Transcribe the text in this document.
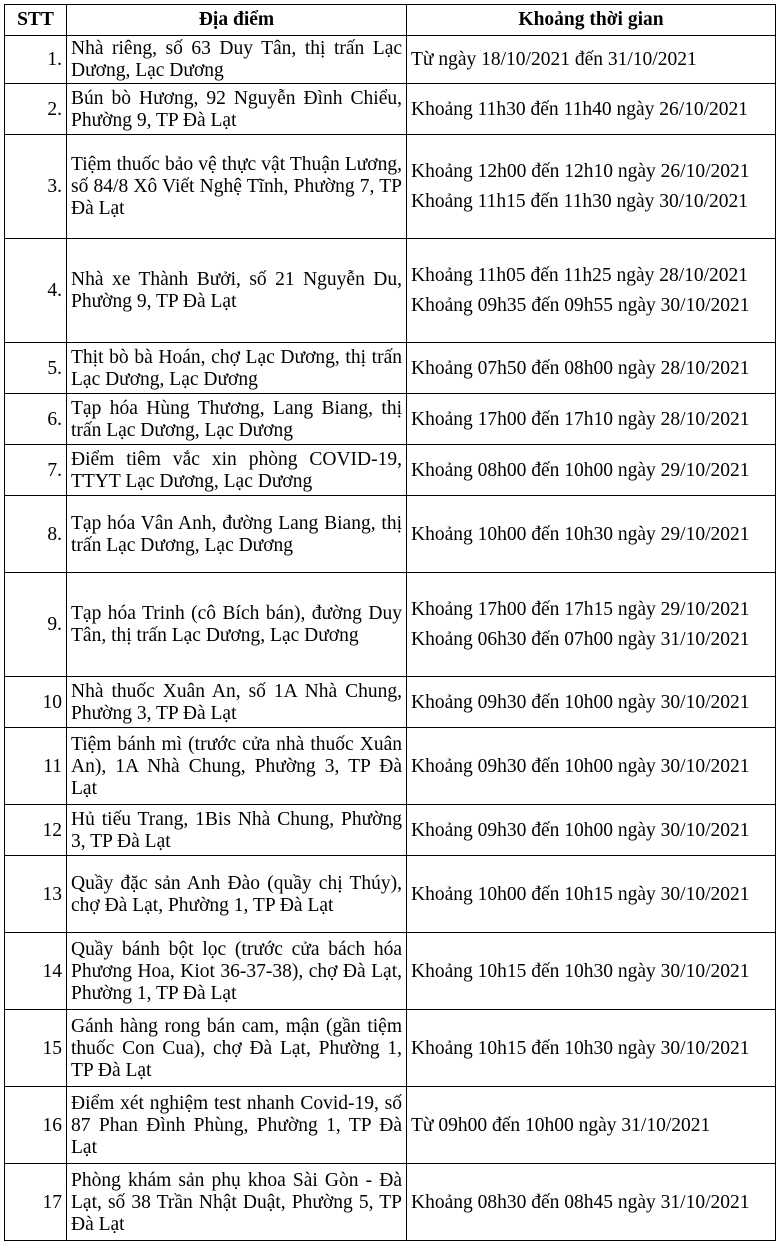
STT	Địa điểm	Khoảng thời gian
1.	Nhà riêng, số 63 Duy Tân, thị trấn Lạc Dương, Lạc Dương	Từ ngày 18/10/2021 đến 31/10/2021

2.	Bún bò Hương, 92 Nguyễn Đình Chiểu, Phường 9, TP Đà Lạt	Khoảng 11h30 đến 11h40 ngày 26/10/2021

3.	Tiệm thuốc bảo vệ thực vật Thuận Lương, số 84/8 Xô Viết Nghệ Tĩnh, Phường 7, TP Đà Lạt	Khoảng 12h00 đến 12h10 ngày 26/10/2021
Khoảng 11h15 đến 11h30 ngày 30/10/2021

4.	Nhà xe Thành Bưởi, số 21 Nguyễn Du, Phường 9, TP Đà Lạt	Khoảng 11h05 đến 11h25 ngày 28/10/2021
Khoảng 09h35 đến 09h55 ngày 30/10/2021

5.	Thịt bò bà Hoán, chợ Lạc Dương, thị trấn Lạc Dương, Lạc Dương	Khoảng 07h50 đến 08h00 ngày 28/10/2021

6.	Tạp hóa Hùng Thương, Lang Biang, thị trấn Lạc Dương, Lạc Dương	Khoảng 17h00 đến 17h10 ngày 28/10/2021

7.	Điểm tiêm vắc xin phòng COVID-19, TTYT Lạc Dương, Lạc Dương	Khoảng 08h00 đến 10h00 ngày 29/10/2021

8.	Tạp hóa Vân Anh, đường Lang Biang, thị trấn Lạc Dương, Lạc Dương	Khoảng 10h00 đến 10h30 ngày 29/10/2021

9.	Tạp hóa Trinh (cô Bích bán), đường Duy Tân, thị trấn Lạc Dương, Lạc Dương	Khoảng 17h00 đến 17h15 ngày 29/10/2021
Khoảng 06h30 đến 07h00 ngày 31/10/2021

10	Nhà thuốc Xuân An, số 1A Nhà Chung, Phường 3, TP Đà Lạt	Khoảng 09h30 đến 10h00 ngày 30/10/2021

11	Tiệm bánh mì (trước cửa nhà thuốc Xuân An), 1A Nhà Chung, Phường 3, TP Đà Lạt	Khoảng 09h30 đến 10h00 ngày 30/10/2021

12	Hủ tiếu Trang, 1Bis Nhà Chung, Phường 3, TP Đà Lạt	Khoảng 09h30 đến 10h00 ngày 30/10/2021

13	Quầy đặc sản Anh Đào (quầy chị Thúy), chợ Đà Lạt, Phường 1, TP Đà Lạt	Khoảng 10h00 đến 10h15 ngày 30/10/2021

14	Quầy bánh bột lọc (trước cửa bách hóa Phương Hoa, Kiot 36-37-38), chợ Đà Lạt, Phường 1, TP Đà Lạt	Khoảng 10h15 đến 10h30 ngày 30/10/2021

15	Gánh hàng rong bán cam, mận (gần tiệm thuốc Con Cua), chợ Đà Lạt, Phường 1, TP Đà Lạt	Khoảng 10h15 đến 10h30 ngày 30/10/2021

16	Điểm xét nghiệm test nhanh Covid-19, số 87 Phan Đình Phùng, Phường 1, TP Đà Lạt	Từ 09h00 đến 10h00 ngày 31/10/2021

17	Phòng khám sản phụ khoa Sài Gòn - Đà Lạt, số 38 Trần Nhật Duật, Phường 5, TP Đà Lạt	Khoảng 08h30 đến 08h45 ngày 31/10/2021
